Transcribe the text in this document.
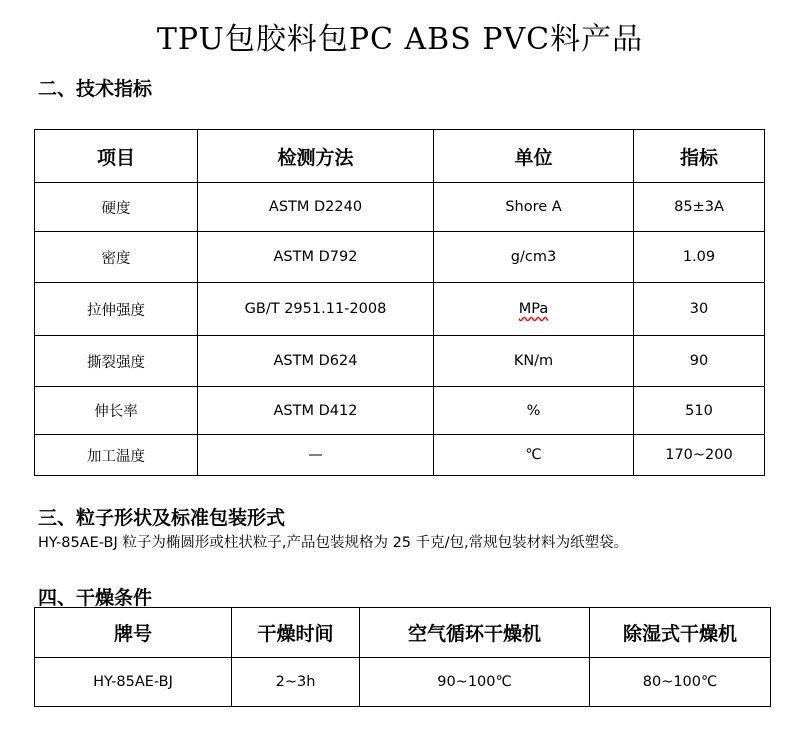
TPU包胶料包PC ABS PVC料产品
二、技术指标
项目	检测方法	单位	指标
硬度	ASTM D2240	Shore A	85±3A
密度	ASTM D792	g/cm3	1.09
拉伸强度	GB/T 2951.11-2008	MPa	30
撕裂强度	ASTM D624	KN/m	90
伸长率	ASTM D412	%	510
加工温度	—	℃	170~200
三、粒子形状及标准包装形式
HY-85AE-BJ 粒子为椭圆形或柱状粒子,产品包装规格为 25 千克/包,常规包装材料为纸塑袋。
四、干燥条件
牌号	干燥时间	空气循环干燥机	除湿式干燥机
HY-85AE-BJ	2~3h	90~100℃	80~100℃
